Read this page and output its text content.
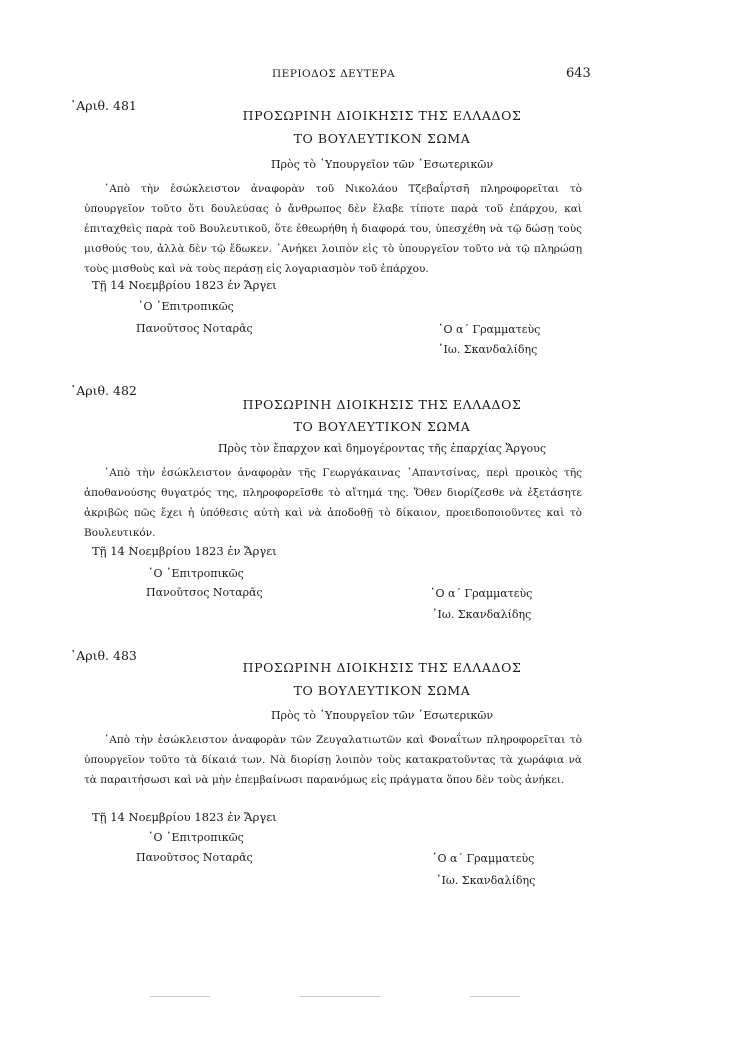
ΠΕΡΙΟΔΟΣ ΔΕΥΤΕΡΑ	643
᾿Αριθ. 481
ΠΡΟΣΩΡΙΝΗ ΔΙΟΙΚΗΣΙΣ ΤΗΣ ΕΛΛΑΔΟΣ
ΤΟ ΒΟΥΛΕΥΤΙΚΟΝ ΣΩΜΑ
Πρὸς τὸ ῾Υπουργεῖον τῶν ᾿Εσωτερικῶν
᾿Απὸ τὴν ἐσώκλειστον ἀναφορὰν τοῦ Νικολάου Τζεβαΐρτσῆ πληροφορεῖται τὸ ὑπουργεῖον τοῦτο ὅτι δουλεύσας ὁ ἄνθρωπος δὲν ἔλαβε τίποτε παρὰ τοῦ ἐπάρχου, καὶ ἐπιταχθεὶς παρὰ τοῦ Βουλευτικοῦ, ὅτε ἐθεωρήθη ἡ διαφορά του, ὑπεσχέθη νὰ τῷ δώσῃ τοὺς μισθούς του, ἀλλὰ δὲν τῷ ἔδωκεν. ᾿Ανήκει λοιπὸν εἰς τὸ ὑπουργεῖον τοῦτο νὰ τῷ πληρώσῃ τοὺς μισθοὺς καὶ νὰ τοὺς περάσῃ εἰς λογαριασμὸν τοῦ ἐπάρχου.
Τῇ 14 Νοεμβρίου 1823 ἐν Ἄργει
῾Ο ᾿Επιτροπικῶς
Πανοῦτσος Νοταρᾶς	῾Ο α΄ Γραμματεὺς
᾿Ιω. Σκανδαλίδης
᾿Αριθ. 482
ΠΡΟΣΩΡΙΝΗ ΔΙΟΙΚΗΣΙΣ ΤΗΣ ΕΛΛΑΔΟΣ
ΤΟ ΒΟΥΛΕΥΤΙΚΟΝ ΣΩΜΑ
Πρὸς τὸν ἔπαρχον καὶ δημογέροντας τῆς ἐπαρχίας Ἄργους
᾿Απὸ τὴν ἐσώκλειστον ἀναφορὰν τῆς Γεωργάκαινας ᾿Απαντσίνας, περὶ προικὸς τῆς ἀποθανούσης θυγατρός της, πληροφορεῖσθε τὸ αἴτημά της. Ὅθεν διορίζεσθε νὰ ἐξετάσητε ἀκριβῶς πῶς ἔχει ἡ ὑπόθεσις αὐτὴ καὶ νὰ ἀποδοθῇ τὸ δίκαιον, προειδοποιοῦντες καὶ τὸ Βουλευτικόν.
Τῇ 14 Νοεμβρίου 1823 ἐν Ἄργει
῾Ο ᾿Επιτροπικῶς
Πανοῦτσος Νοταρᾶς	῾Ο α΄ Γραμματεὺς
᾿Ιω. Σκανδαλίδης
᾿Αριθ. 483
ΠΡΟΣΩΡΙΝΗ ΔΙΟΙΚΗΣΙΣ ΤΗΣ ΕΛΛΑΔΟΣ
ΤΟ ΒΟΥΛΕΥΤΙΚΟΝ ΣΩΜΑ
Πρὸς τὸ ῾Υπουργεῖον τῶν ᾿Εσωτερικῶν
᾿Απὸ τὴν ἐσώκλειστον ἀναφορὰν τῶν Ζευγαλατιωτῶν καὶ Φοναΐτων πληροφορεῖται τὸ ὑπουργεῖον τοῦτο τὰ δίκαιά των. Νὰ διορίσῃ λοιπὸν τοὺς κατακρατοῦντας τὰ χωράφια νὰ τὰ παραιτήσωσι καὶ νὰ μὴν ἐπεμβαίνωσι παρανόμως εἰς πράγματα ὅπου δὲν τοὺς ἀνήκει.
Τῇ 14 Νοεμβρίου 1823 ἐν Ἄργει
῾Ο ᾿Επιτροπικῶς
Πανοῦτσος Νοταρᾶς	῾Ο α΄ Γραμματεὺς
᾿Ιω. Σκανδαλίδης
